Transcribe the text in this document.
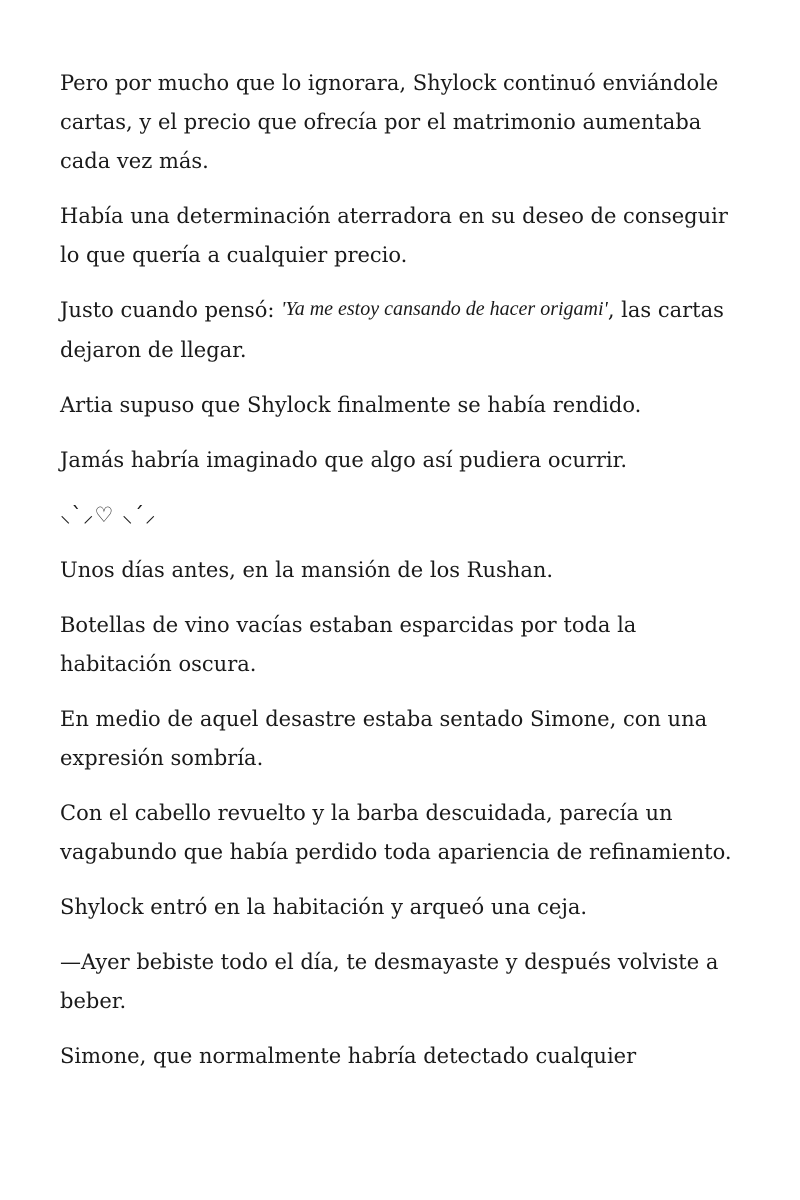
Pero por mucho que lo ignorara, Shylock continuó enviándole cartas, y el precio que ofrecía por el matrimonio aumentaba cada vez más.

Había una determinación aterradora en su deseo de conseguir lo que quería a cualquier precio.

Justo cuando pensó: 'Ya me estoy cansando de hacer origami', las cartas dejaron de llegar.

Artia supuso que Shylock finalmente se había rendido.

Jamás habría imaginado que algo así pudiera ocurrir.

⸜`⸝♡ ⸜´⸝

Unos días antes, en la mansión de los Rushan.

Botellas de vino vacías estaban esparcidas por toda la habitación oscura.

En medio de aquel desastre estaba sentado Simone, con una expresión sombría.

Con el cabello revuelto y la barba descuidada, parecía un vagabundo que había perdido toda apariencia de refinamiento.

Shylock entró en la habitación y arqueó una ceja.

—Ayer bebiste todo el día, te desmayaste y después volviste a beber.

Simone, que normalmente habría detectado cualquier
